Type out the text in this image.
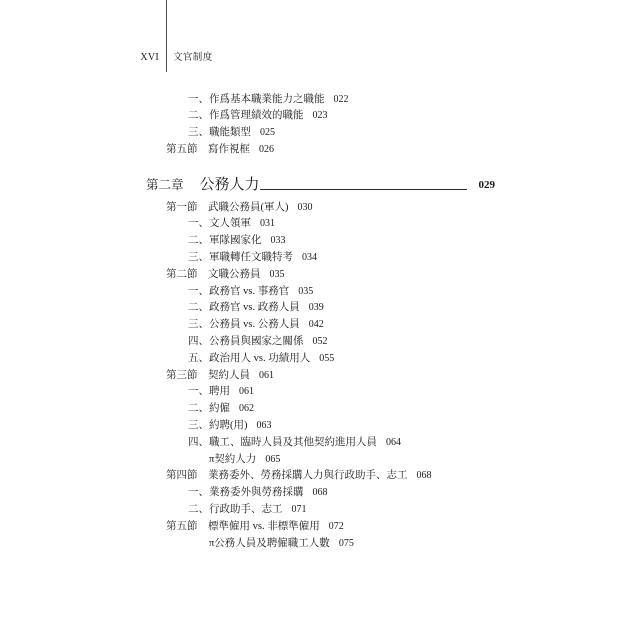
XVI 文官制度
一、作爲基本職業能力之職能 022
二、作爲管理績效的職能 023
三、職能類型 025
第五節　寫作視框 026
第二章 公務人力	029
第一節　武職公務員(軍人) 030
一、文人領軍 031
二、軍隊國家化 033
三、軍職轉任文職特考 034
第二節　文職公務員 035
一、政務官 vs. 事務官 035
二、政務官 vs. 政務人員 039
三、公務員 vs. 公務人員 042
四、公務員與國家之關係 052
五、政治用人 vs. 功績用人 055
第三節　契約人員 061
一、聘用 061
二、約僱 062
三、約聘(用) 063
四、職工、臨時人員及其他契約進用人員 064
π契約人力 065
第四節　業務委外、勞務採購人力與行政助手、志工 068
一、業務委外與勞務採購 068
二、行政助手、志工 071
第五節　標準僱用 vs. 非標準僱用 072
π公務人員及聘僱職工人數 075
